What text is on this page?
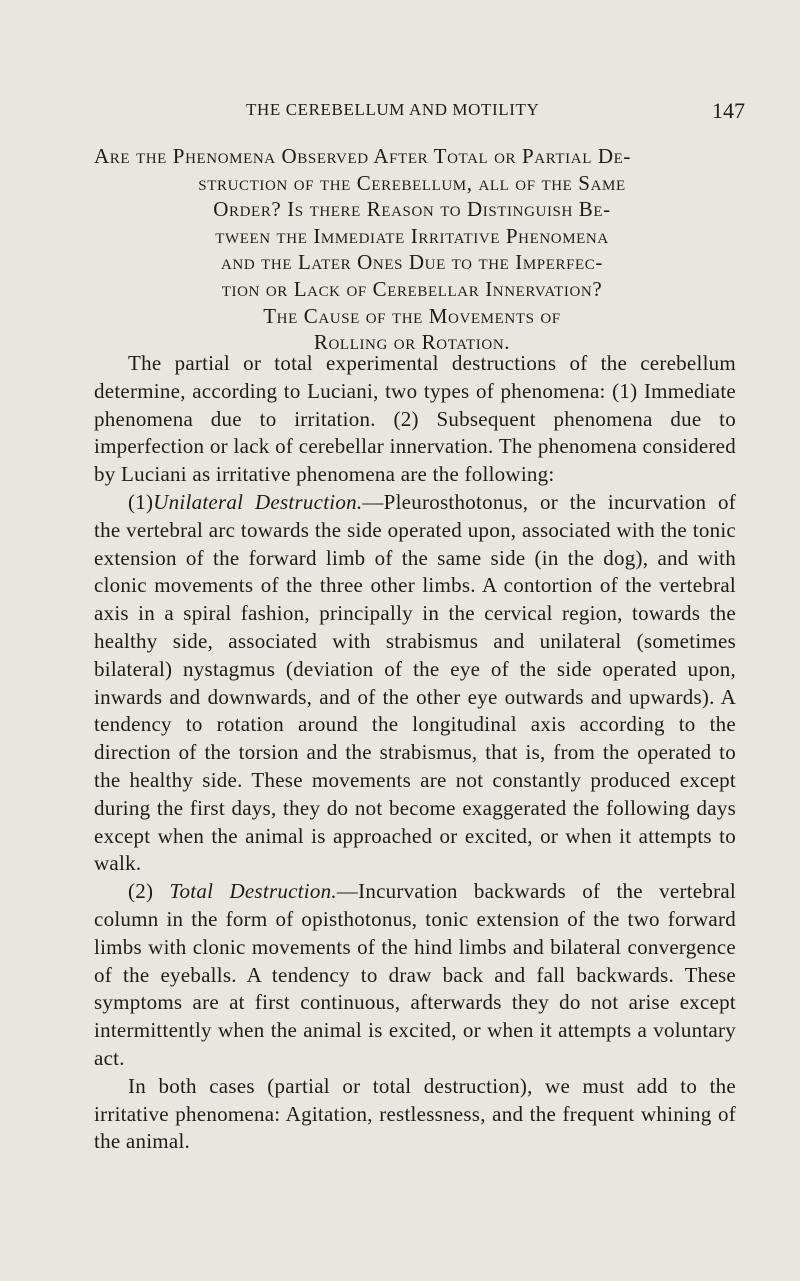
THE CEREBELLUM AND MOTILITY	147
Are the Phenomena Observed After Total or Partial De-
struction of the Cerebellum, all of the Same
Order? Is there Reason to Distinguish Be-
tween the Immediate Irritative Phenomena
and the Later Ones Due to the Imperfec-
tion or Lack of Cerebellar Innervation?
The Cause of the Movements of
Rolling or Rotation.

The partial or total experimental destructions of the cerebellum determine, according to Luciani, two types of phenomena: (1) Immediate phenomena due to irritation. (2) Subsequent phenomena due to imperfection or lack of cerebellar innervation. The phenomena considered by Luciani as irritative phenomena are the following:

(1)Unilateral Destruction.—Pleurosthotonus, or the incurvation of the vertebral arc towards the side operated upon, associated with the tonic extension of the forward limb of the same side (in the dog), and with clonic movements of the three other limbs. A contortion of the vertebral axis in a spiral fashion, principally in the cervical region, towards the healthy side, associated with strabismus and unilateral (sometimes bilateral) nystagmus (deviation of the eye of the side operated upon, inwards and downwards, and of the other eye outwards and upwards). A tendency to rotation around the longitudinal axis according to the direction of the torsion and the strabismus, that is, from the operated to the healthy side. These movements are not constantly produced except during the first days, they do not become exaggerated the following days except when the animal is approached or excited, or when it attempts to walk.

(2) Total Destruction.—Incurvation backwards of the vertebral column in the form of opisthotonus, tonic extension of the two forward limbs with clonic movements of the hind limbs and bilateral convergence of the eyeballs. A tendency to draw back and fall backwards. These symptoms are at first continuous, afterwards they do not arise except intermittently when the animal is excited, or when it attempts a voluntary act.

In both cases (partial or total destruction), we must add to the irritative phenomena: Agitation, restlessness, and the frequent whining of the animal.
